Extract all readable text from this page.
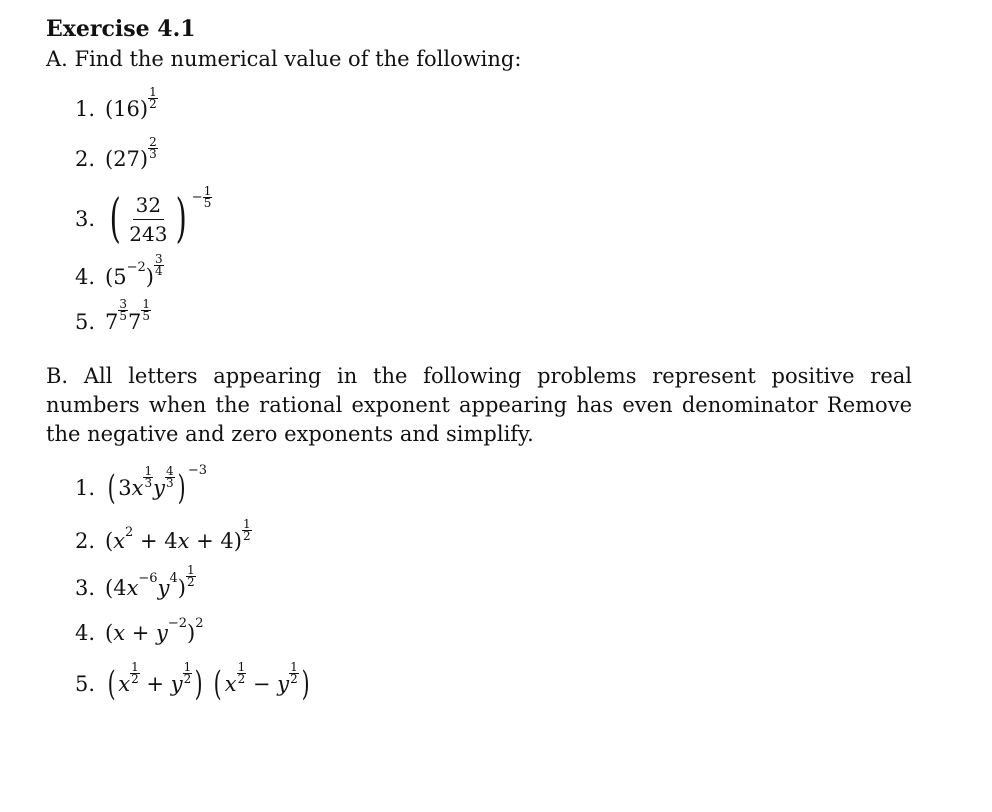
Exercise 4.1
A. Find the numerical value of the following:
1. (16)
1
2
2. (27)
2
3
3. ( 32
243 ) − $\frac{1}{5}$
4. (5 −2 )
3
4
5. 7
3
5 7
1
5
B. All letters appearing in the following problems represent positive real numbers when the rational exponent appearing has even denominator Remove the negative and zero exponents and simplify.
1. ( 3 x
1
3 y
4
3 ) −3
2. ( x 2 + 4 x + 4)
1
2
3. (4 x −6 y 4 )
1
2
4. ( x + y −2 ) 2
5. ( x
1
2 + y
1
2 ) ( x
1
2 − y
1
2 )
